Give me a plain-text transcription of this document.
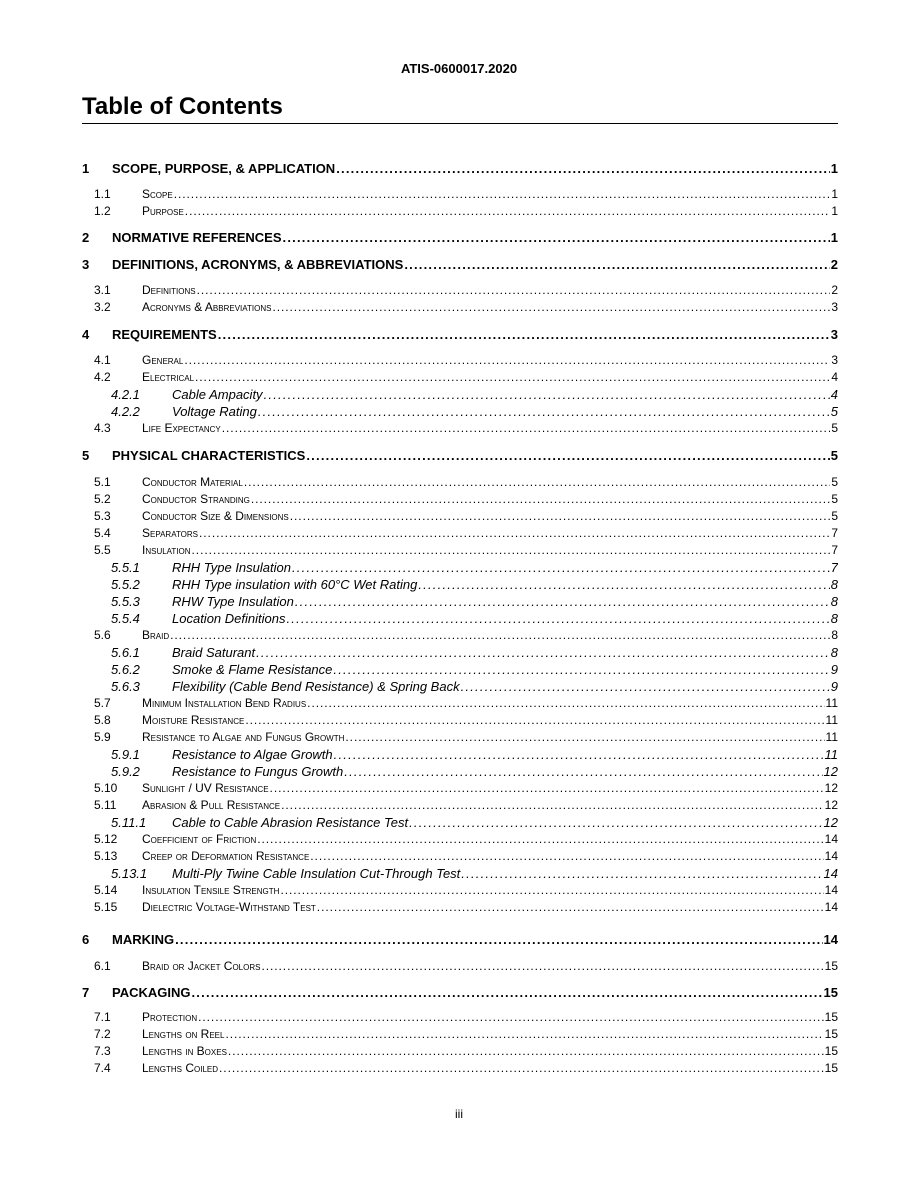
ATIS-0600017.2020
Table of Contents
1	SCOPE, PURPOSE, & APPLICATION . . .	1
1.1	Scope . . .	1
1.2	Purpose . . .	1
2	NORMATIVE REFERENCES . . .	1
3	DEFINITIONS, ACRONYMS, & ABBREVIATIONS . . .	2
3.1	Definitions . . .	2
3.2	Acronyms & Abbreviations . . .	3
4	REQUIREMENTS . . .	3
4.1	General . . .	3
4.2	Electrical . . .	4
4.2.1	Cable Ampacity . . .	4
4.2.2	Voltage Rating . . .	5
4.3	Life Expectancy . . .	5
5	PHYSICAL CHARACTERISTICS . . .	5
5.1	Conductor Material . . .	5
5.2	Conductor Stranding . . .	5
5.3	Conductor Size & Dimensions . . .	5
5.4	Separators . . .	7
5.5	Insulation . . .	7
5.5.1	RHH Type Insulation . . .	7
5.5.2	RHH Type insulation with 60°C Wet Rating . . .	8
5.5.3	RHW Type Insulation . . .	8
5.5.4	Location Definitions . . .	8
5.6	Braid . . .	8
5.6.1	Braid Saturant . . .	8
5.6.2	Smoke & Flame Resistance . . .	9
5.6.3	Flexibility (Cable Bend Resistance) & Spring Back . . .	9
5.7	Minimum Installation Bend Radius . . .	11
5.8	Moisture Resistance . . .	11
5.9	Resistance to Algae and Fungus Growth . . .	11
5.9.1	Resistance to Algae Growth . . .	11
5.9.2	Resistance to Fungus Growth . . .	12
5.10	Sunlight / UV Resistance . . .	12
5.11	Abrasion & Pull Resistance . . .	12
5.11.1	Cable to Cable Abrasion Resistance Test . . .	12
5.12	Coefficient of Friction . . .	14
5.13	Creep or Deformation Resistance . . .	14
5.13.1	Multi-Ply Twine Cable Insulation Cut-Through Test . . .	14
5.14	Insulation Tensile Strength . . .	14
5.15	Dielectric Voltage-Withstand Test . . .	14
6	MARKING . . .	14
6.1	Braid or Jacket Colors . . .	15
7	PACKAGING . . .	15
7.1	Protection . . .	15
7.2	Lengths on Reel . . .	15
7.3	Lengths in Boxes . . .	15
7.4	Lengths Coiled . . .	15
iii
